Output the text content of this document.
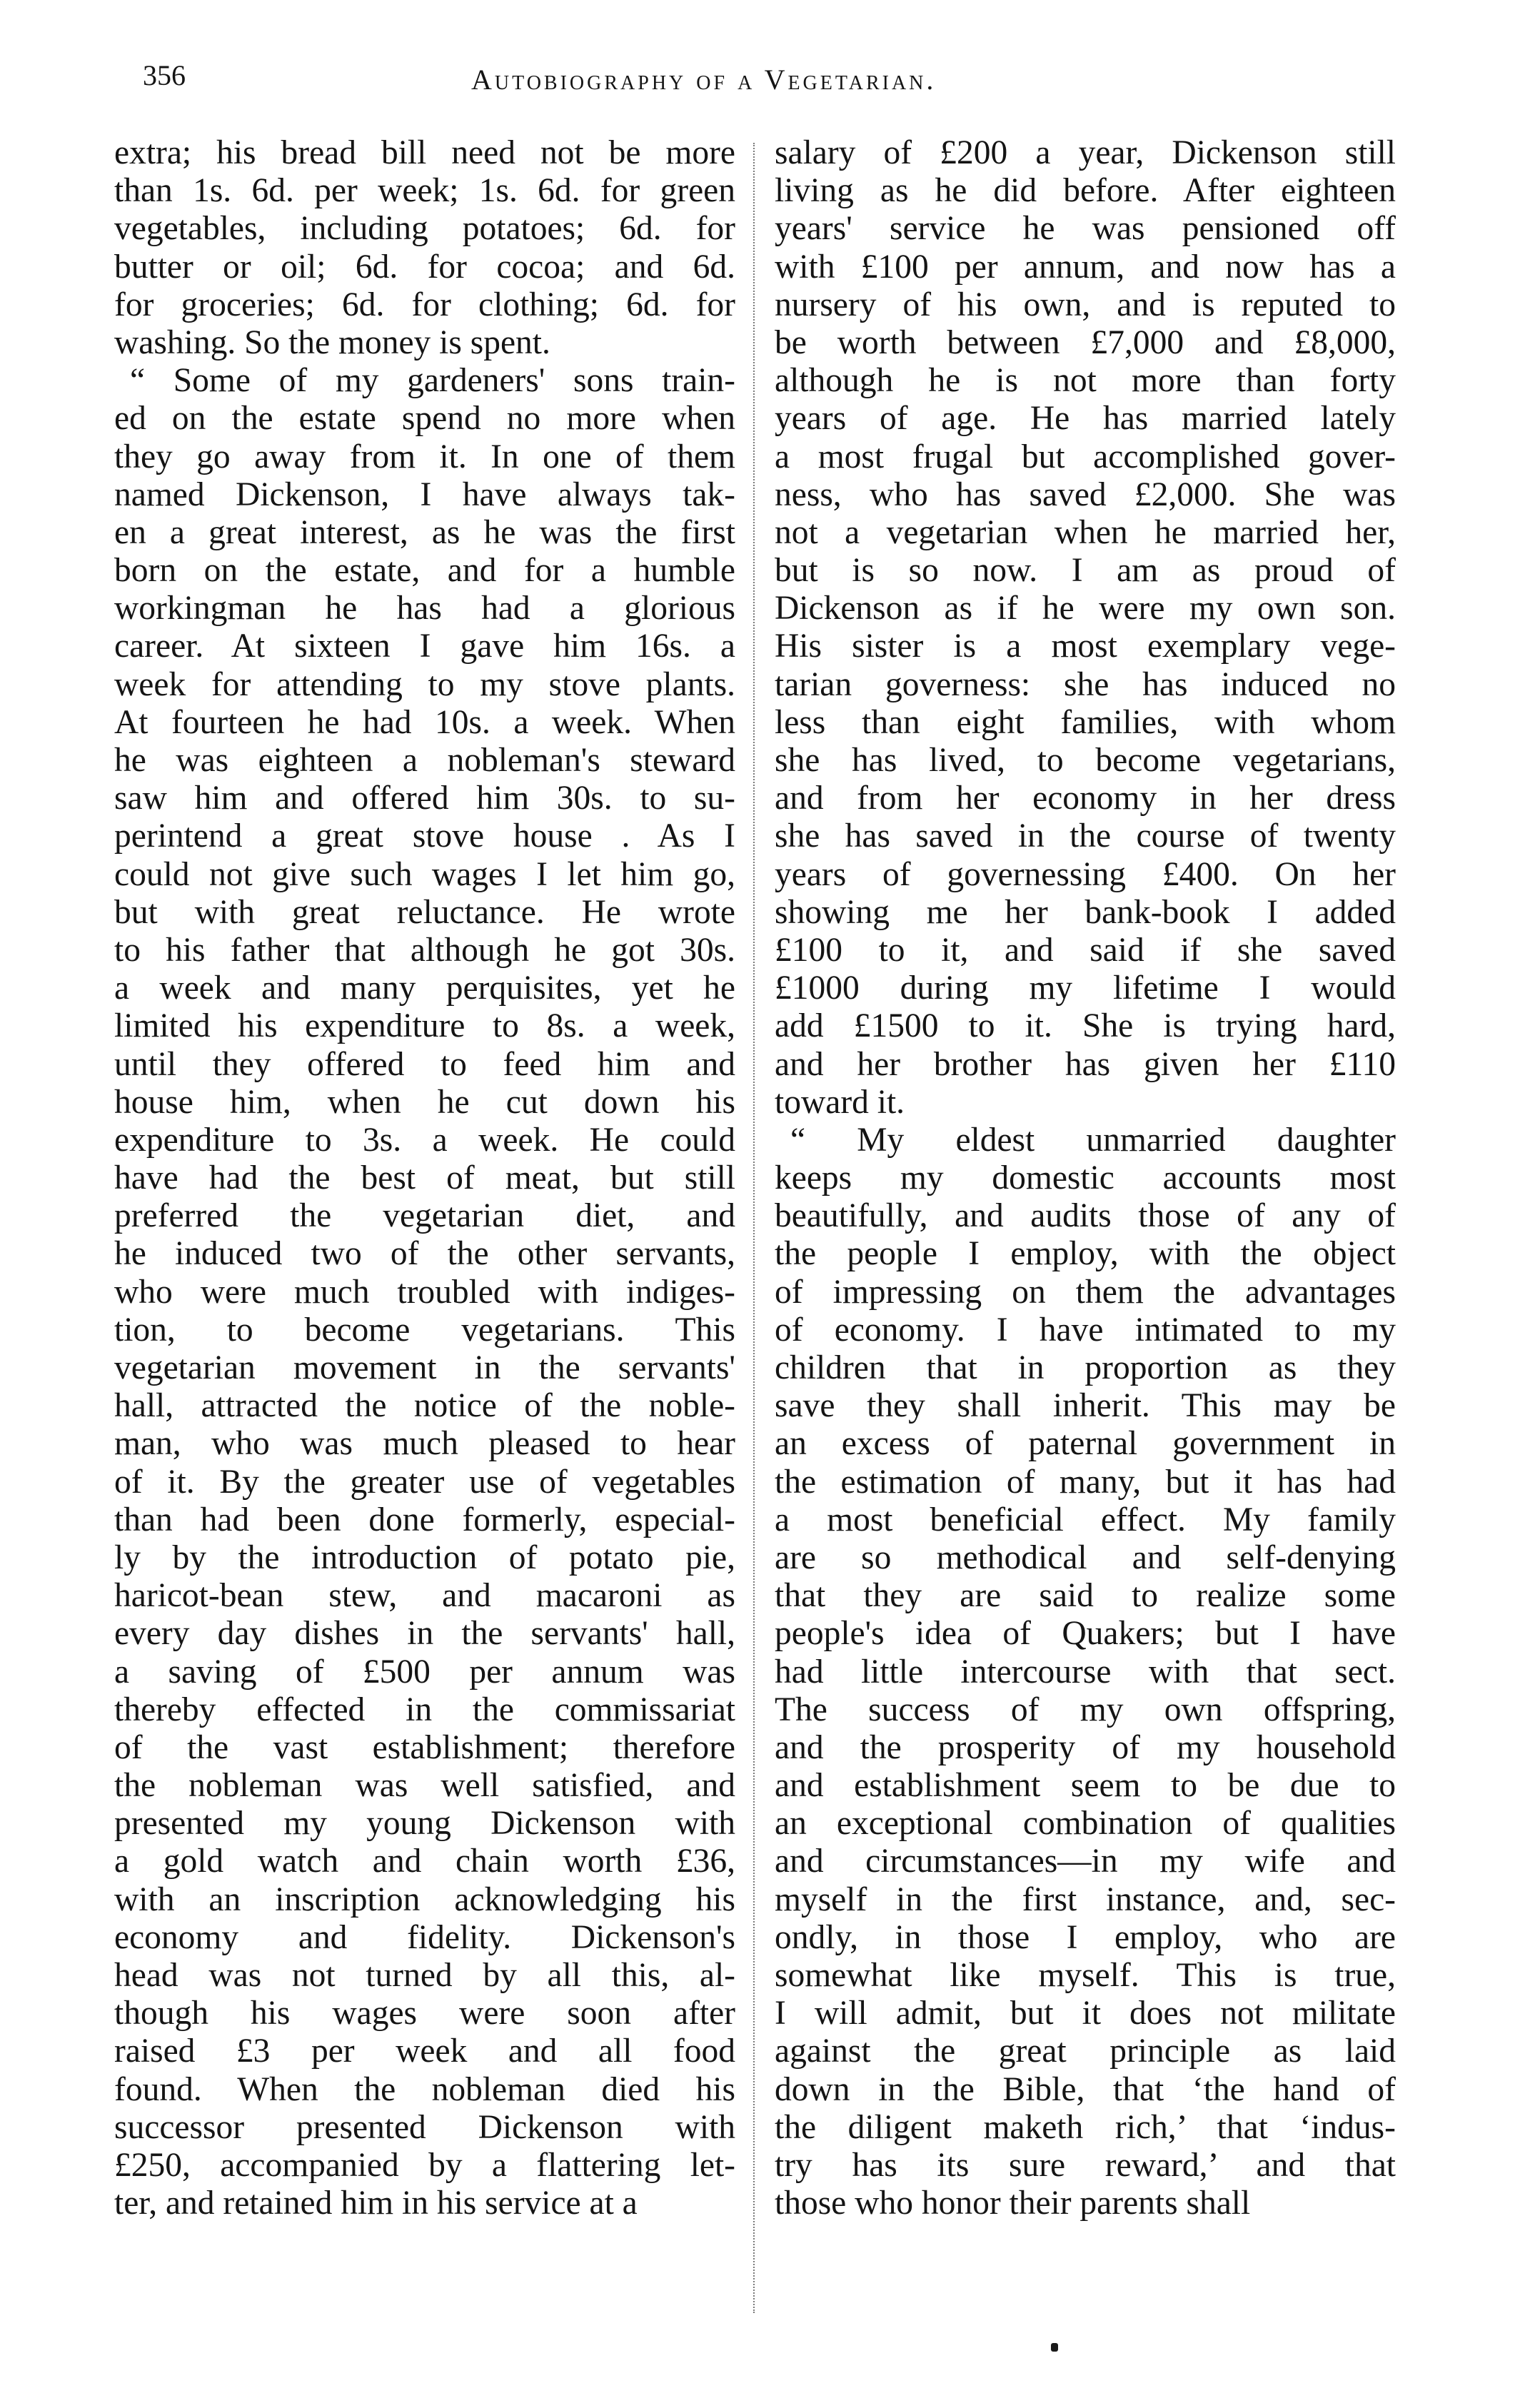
356	Autobiography of a Vegetarian.
extra; his bread bill need not be more
than 1s. 6d. per week; 1s. 6d. for green
vegetables, including potatoes; 6d. for
butter or oil; 6d. for cocoa; and 6d.
for groceries; 6d. for clothing; 6d. for
washing. So the money is spent.
“ Some of my gardeners' sons train-
ed on the estate spend no more when
they go away from it. In one of them
named Dickenson, I have always tak-
en a great interest, as he was the first
born on the estate, and for a humble
workingman he has had a glorious
career. At sixteen I gave him 16s. a
week for attending to my stove plants.
At fourteen he had 10s. a week. When
he was eighteen a nobleman's steward
saw him and offered him 30s. to su-
perintend a great stove house . As I
could not give such wages I let him go,
but with great reluctance. He wrote
to his father that although he got 30s.
a week and many perquisites, yet he
limited his expenditure to 8s. a week,
until they offered to feed him and
house him, when he cut down his
expenditure to 3s. a week. He could
have had the best of meat, but still
preferred the vegetarian diet, and
he induced two of the other servants,
who were much troubled with indiges-
tion, to become vegetarians. This
vegetarian movement in the servants'
hall, attracted the notice of the noble-
man, who was much pleased to hear
of it. By the greater use of vegetables
than had been done formerly, especial-
ly by the introduction of potato pie,
haricot-bean stew, and macaroni as
every day dishes in the servants' hall,
a saving of £500 per annum was
thereby effected in the commissariat
of the vast establishment; therefore
the nobleman was well satisfied, and
presented my young Dickenson with
a gold watch and chain worth £36,
with an inscription acknowledging his
economy and fidelity. Dickenson's
head was not turned by all this, al-
though his wages were soon after
raised £3 per week and all food
found. When the nobleman died his
successor presented Dickenson with
£250, accompanied by a flattering let-
ter, and retained him in his service at a
salary of £200 a year, Dickenson still
living as he did before. After eighteen
years' service he was pensioned off
with £100 per annum, and now has a
nursery of his own, and is reputed to
be worth between £7,000 and £8,000,
although he is not more than forty
years of age. He has married lately
a most frugal but accomplished gover-
ness, who has saved £2,000. She was
not a vegetarian when he married her,
but is so now. I am as proud of
Dickenson as if he were my own son.
His sister is a most exemplary vege-
tarian governess: she has induced no
less than eight families, with whom
she has lived, to become vegetarians,
and from her economy in her dress
she has saved in the course of twenty
years of governessing £400. On her
showing me her bank-book I added
£100 to it, and said if she saved
£1000 during my lifetime I would
add £1500 to it. She is trying hard,
and her brother has given her £110
toward it.
“ My eldest unmarried daughter
keeps my domestic accounts most
beautifully, and audits those of any of
the people I employ, with the object
of impressing on them the advantages
of economy. I have intimated to my
children that in proportion as they
save they shall inherit. This may be
an excess of paternal government in
the estimation of many, but it has had
a most beneficial effect. My family
are so methodical and self-denying
that they are said to realize some
people's idea of Quakers; but I have
had little intercourse with that sect.
The success of my own offspring,
and the prosperity of my household
and establishment seem to be due to
an exceptional combination of qualities
and circumstances—in my wife and
myself in the first instance, and, sec-
ondly, in those I employ, who are
somewhat like myself. This is true,
I will admit, but it does not militate
against the great principle as laid
down in the Bible, that ‘the hand of
the diligent maketh rich,’ that ‘indus-
try has its sure reward,’ and that
those who honor their parents shall
